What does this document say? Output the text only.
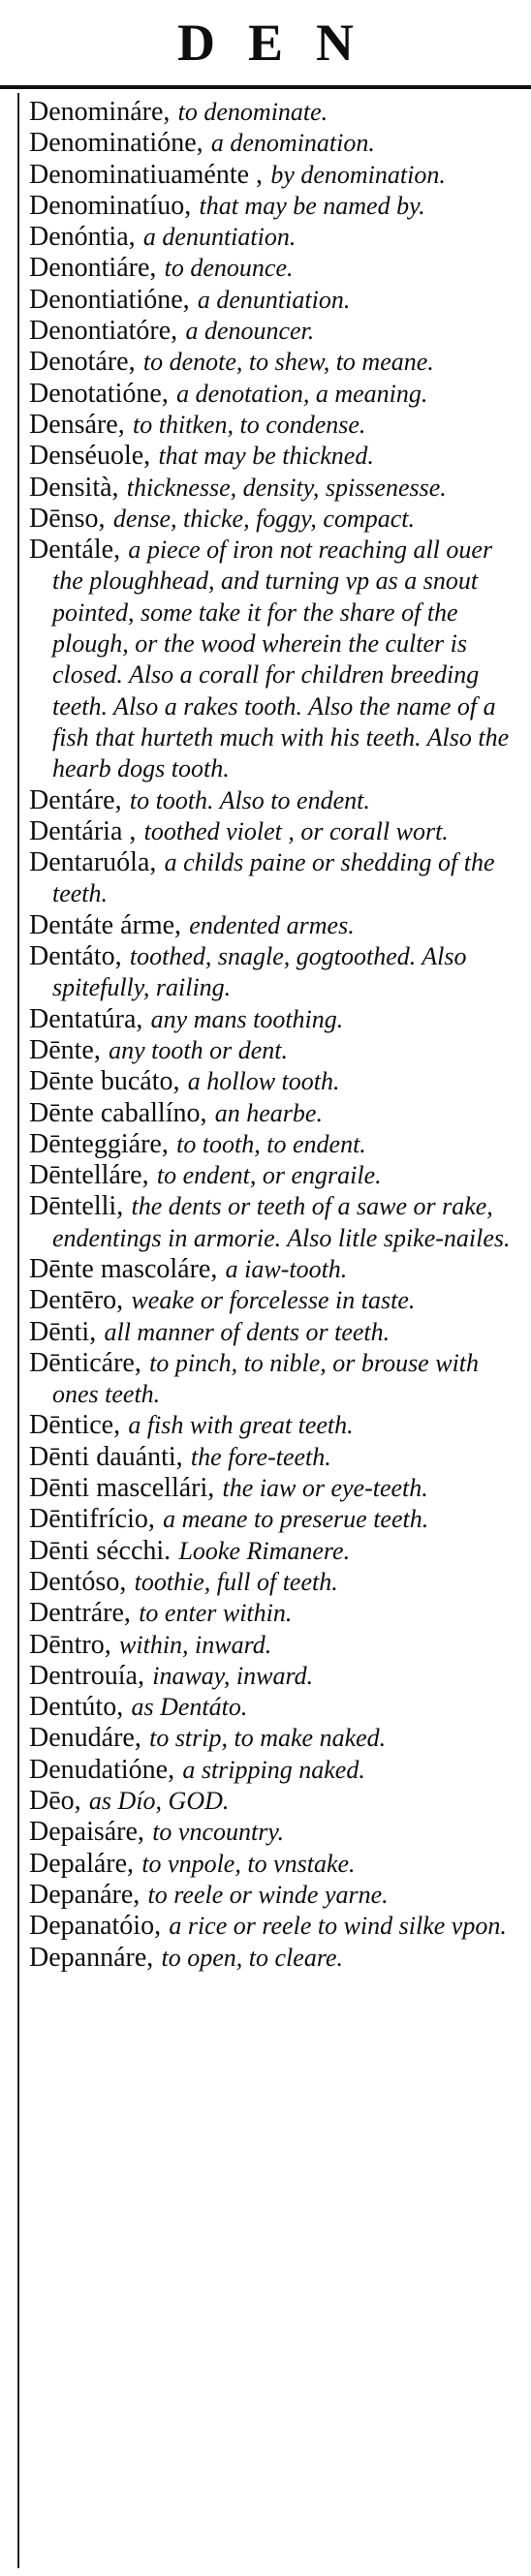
DEN

Denomináre, to denominate.

Denominatióne, a denomination.

Denominatiuaménte , by denomination.

Denominatíuo, that may be named by.

Denóntia, a denuntiation.

Denontiáre, to denounce.

Denontiatióne, a denuntiation.

Denontiatóre, a denouncer.

Denotáre, to denote, to shew, to meane.

Denotatióne, a denotation, a meaning.

Densáre, to thitken, to condense.

Denséuole, that may be thickned.

Densità, thicknesse, density, spissenesse.

Dēnso, dense, thicke, foggy, compact.

Dentále, a piece of iron not reaching all ouer the ploughhead, and turning vp as a snout pointed, some take it for the share of the plough, or the wood wherein the culter is closed. Also a corall for children breeding teeth. Also a rakes tooth. Also the name of a fish that hurteth much with his teeth. Also the hearb dogs tooth.

Dentáre, to tooth. Also to endent.

Dentária , toothed violet , or corall wort.

Dentaruóla, a childs paine or shedding of the teeth.

Dentáte árme, endented armes.

Dentáto, toothed, snagle, gogtoothed. Also spitefully, railing.

Dentatúra, any mans toothing.

Dēnte, any tooth or dent.

Dēnte bucáto, a hollow tooth.

Dēnte caballíno, an hearbe.

Dēnteggiáre, to tooth, to endent.

Dēntelláre, to endent, or engraile.

Dēntelli, the dents or teeth of a sawe or rake, endentings in armorie. Also litle spike-nailes.

Dēnte mascoláre, a iaw-tooth.

Dentēro, weake or forcelesse in taste.

Dēnti, all manner of dents or teeth.

Dēnticáre, to pinch, to nible, or brouse with ones teeth.

Dēntice, a fish with great teeth.

Dēnti dauánti, the fore-teeth.

Dēnti mascellári, the iaw or eye-teeth.

Dēntifrício, a meane to preserue teeth.

Dēnti sécchi. Looke Rimanere.

Dentóso, toothie, full of teeth.

Dentráre, to enter within.

Dēntro, within, inward.

Dentrouía, inaway, inward.

Dentúto, as Dentáto.

Denudáre, to strip, to make naked.

Denudatióne, a stripping naked.

Dēo, as Dío, GOD.

Depaisáre, to vncountry.

Depaláre, to vnpole, to vnstake.

Depanáre, to reele or winde yarne.

Depanatóio, a rice or reele to wind silke vpon.

Depannáre, to open, to cleare.
